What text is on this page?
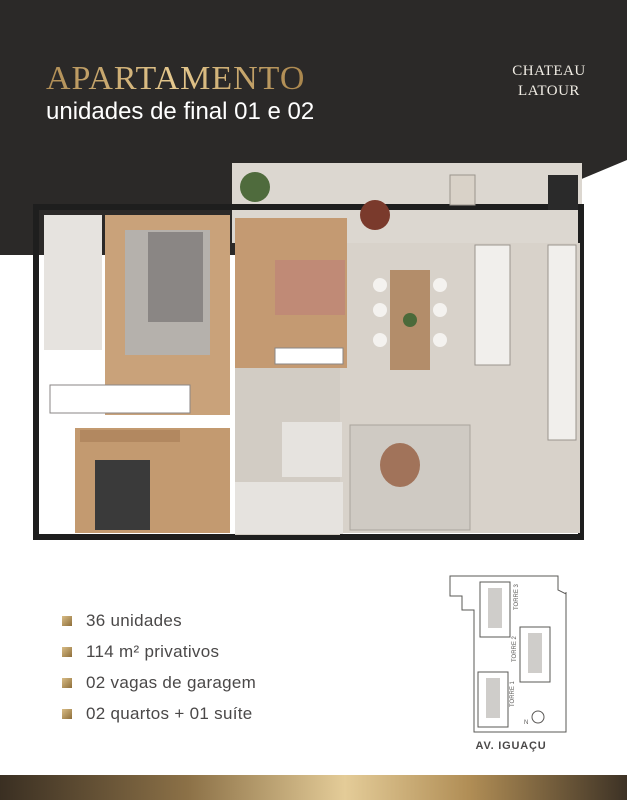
APARTAMENTO
unidades de final 01 e 02
CHATEAU
LATOUR
36 unidades
114 m² privativos
02 vagas de garagem
02 quartos + 01 suíte
TORRE 3
TORRE 2
TORRE 1
N
AV. IGUAÇU
